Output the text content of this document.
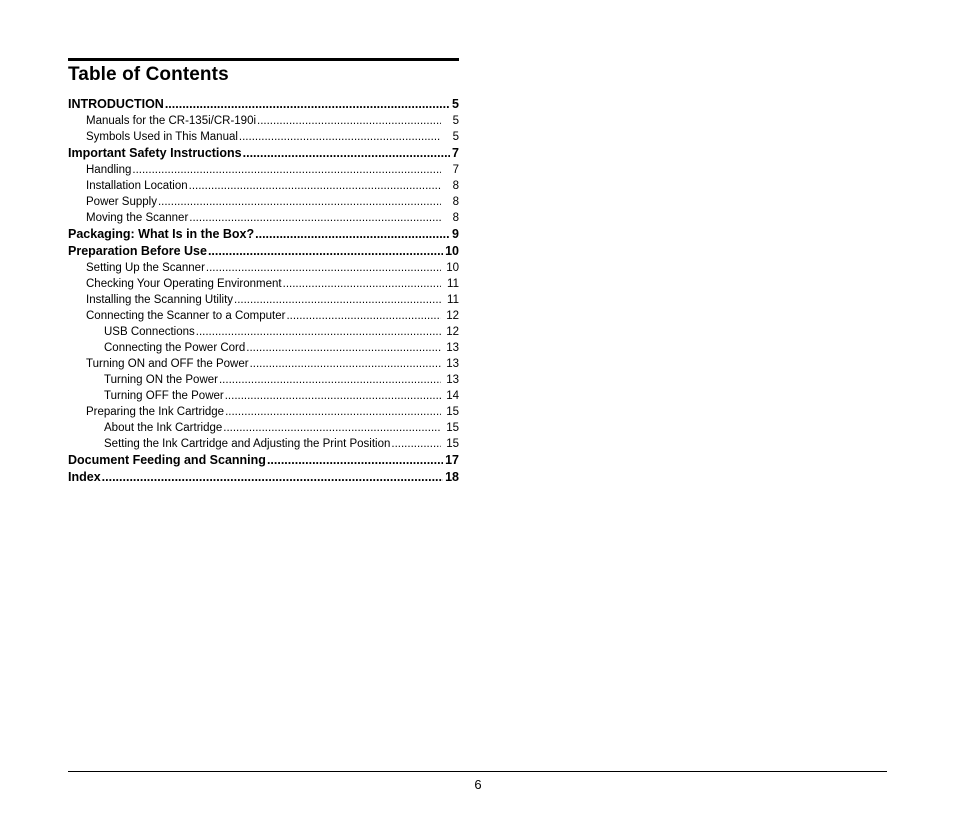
Table of Contents
INTRODUCTION .....	5
Manuals for the CR-135i/CR-190i .....	5
Symbols Used in This Manual .....	5
Important Safety Instructions .....	7
Handling .....	7
Installation Location .....	8
Power Supply .....	8
Moving the Scanner .....	8
Packaging: What Is in the Box? .....	9
Preparation Before Use .....	10
Setting Up the Scanner .....	10
Checking Your Operating Environment .....	11
Installing the Scanning Utility .....	11
Connecting the Scanner to a Computer .....	12
USB Connections .....	12
Connecting the Power Cord .....	13
Turning ON and OFF the Power .....	13
Turning ON the Power .....	13
Turning OFF the Power .....	14
Preparing the Ink Cartridge .....	15
About the Ink Cartridge .....	15
Setting the Ink Cartridge and Adjusting the Print Position .....	15
Document Feeding and Scanning .....	17
Index .....	18
6
